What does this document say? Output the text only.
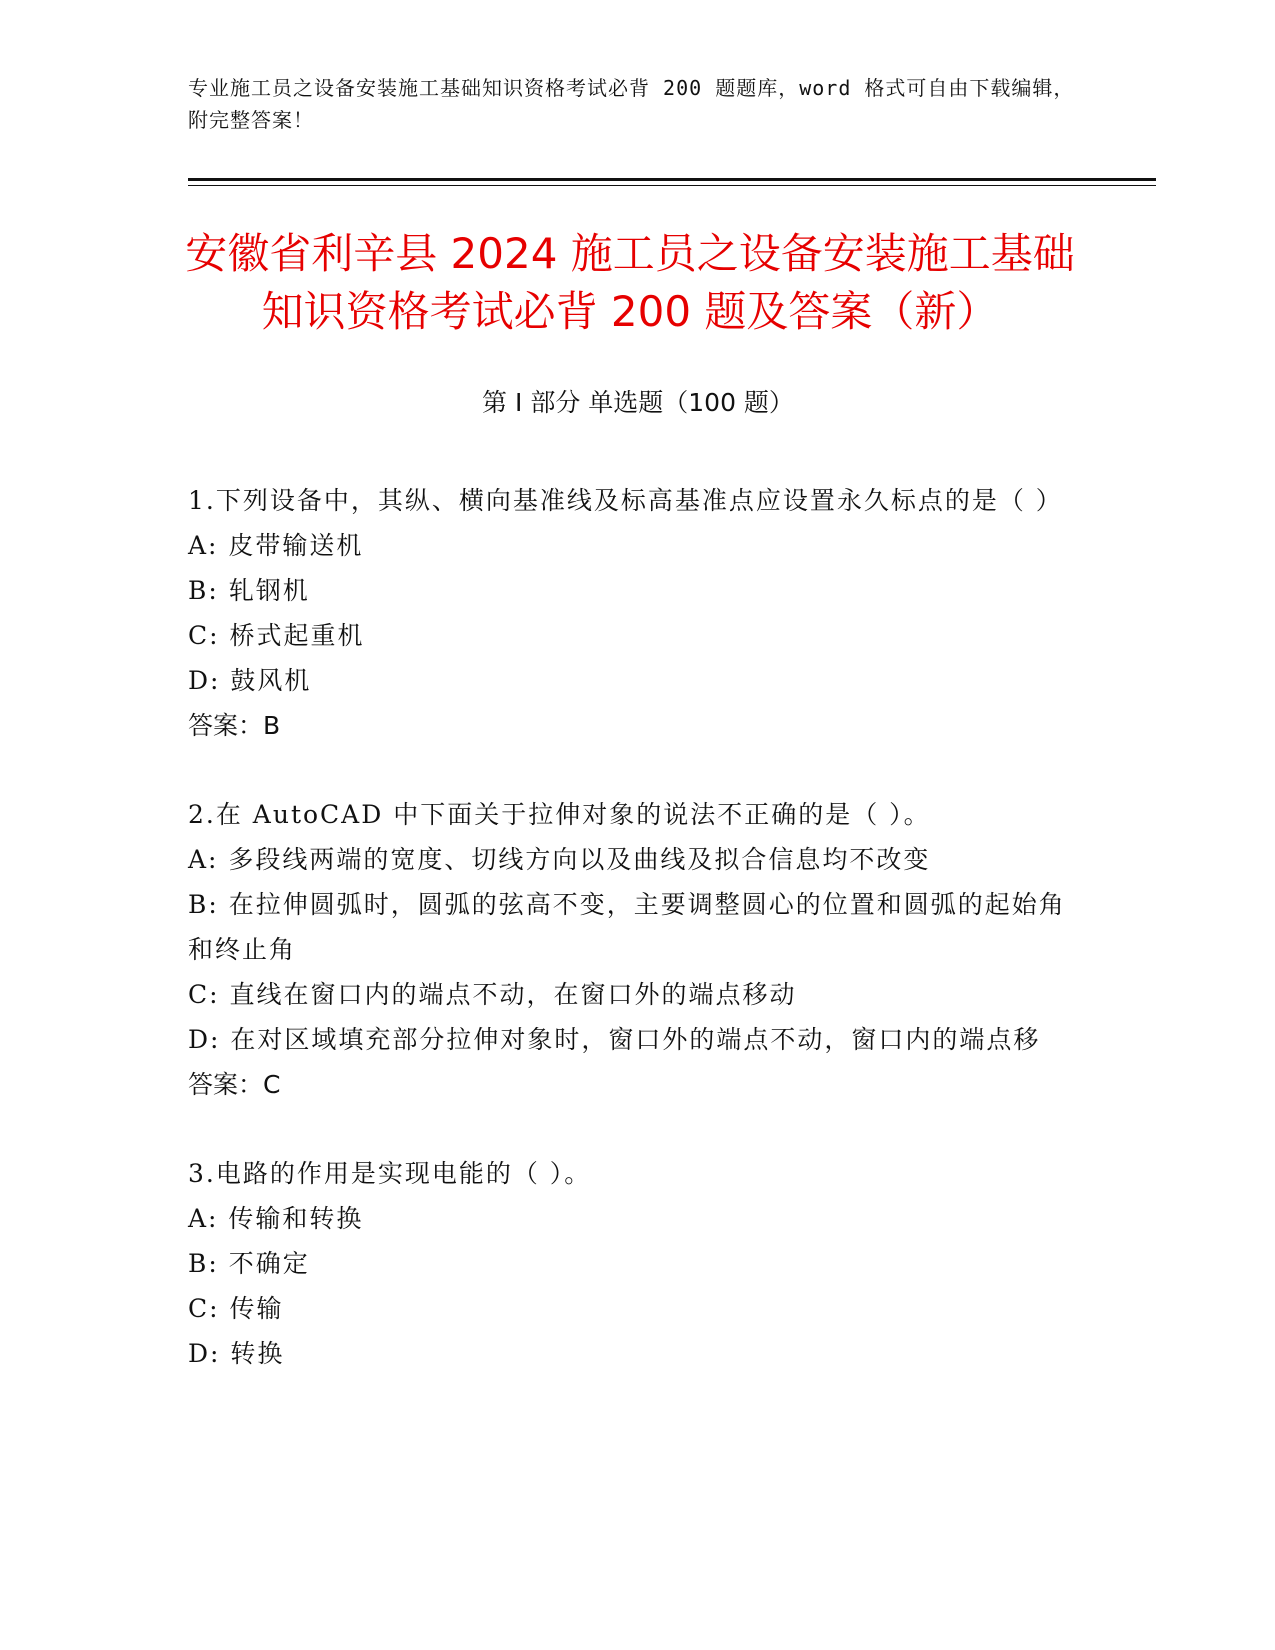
专业施工员之设备安装施工基础知识资格考试必背 200 题题库，word 格式可自由下载编辑，附完整答案！
安徽省利辛县 2024 施工员之设备安装施工基础知识资格考试必背 200 题及答案（新）
第 I 部分 单选题（100 题）
1.下列设备中，其纵、横向基准线及标高基准点应设置永久标点的是（ ）
A: 皮带输送机
B: 轧钢机
C: 桥式起重机
D: 鼓风机
答案：B
2.在 AutoCAD 中下面关于拉伸对象的说法不正确的是（ ）。
A: 多段线两端的宽度、切线方向以及曲线及拟合信息均不改变
B: 在拉伸圆弧时，圆弧的弦高不变，主要调整圆心的位置和圆弧的起始角和终止角
C: 直线在窗口内的端点不动，在窗口外的端点移动
D: 在对区域填充部分拉伸对象时，窗口外的端点不动，窗口内的端点移
答案：C
3.电路的作用是实现电能的（ ）。
A: 传输和转换
B: 不确定
C: 传输
D: 转换
